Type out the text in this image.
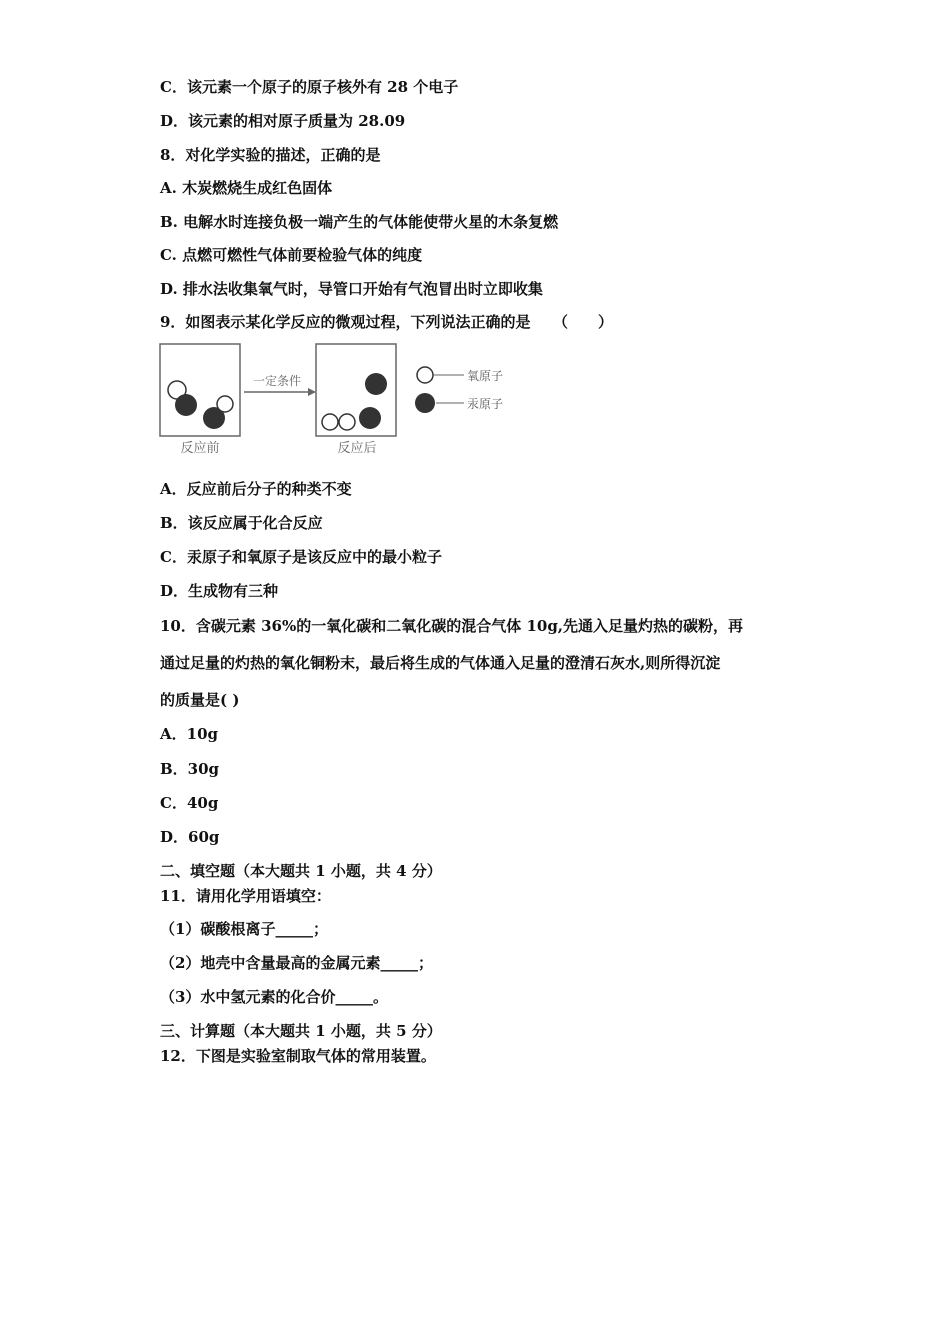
C．该元素一个原子的原子核外有 28 个电子
D．该元素的相对原子质量为 28.09
8．对化学实验的描述，正确的是
A. 木炭燃烧生成红色固体
B. 电解水时连接负极一端产生的气体能使带火星的木条复燃
C. 点燃可燃性气体前要检验气体的纯度
D. 排水法收集氧气时，导管口开始有气泡冒出时立即收集
9．如图表示某化学反应的微观过程，下列说法正确的是　　（　　）
反应前
一定条件
反应后
氧原子
汞原子
A．反应前后分子的种类不变
B．该反应属于化合反应
C．汞原子和氧原子是该反应中的最小粒子
D．生成物有三种
10．含碳元素 36%的一氧化碳和二氧化碳的混合气体 10g,先通入足量灼热的碳粉，再
通过足量的灼热的氧化铜粉末，最后将生成的气体通入足量的澄清石灰水,则所得沉淀
的质量是( )
A．10g
B．30g
C．40g
D．60g
二、填空题（本大题共 1 小题，共 4 分）
11．请用化学用语填空：
（1）碳酸根离子_____；
（2）地壳中含量最高的金属元素_____；
（3）水中氢元素的化合价_____。
三、计算题（本大题共 1 小题，共 5 分）
12．下图是实验室制取气体的常用装置。
